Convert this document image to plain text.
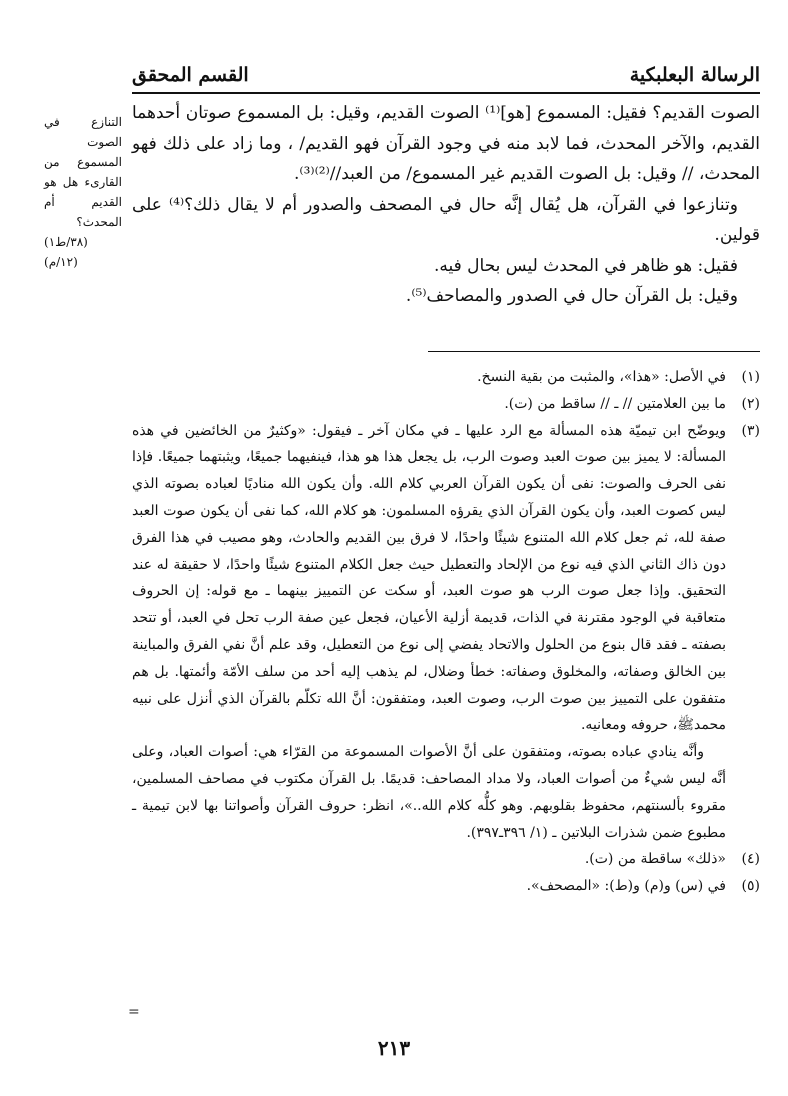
الرسالة البعلبكية
القسم المحقق

الصوت القديم؟ فقيل: المسموع [هو]⁽¹⁾ الصوت القديم، وقيل: بل المسموع صوتان أحدهما القديم، والآخر المحدث، فما لابد منه في وجود القرآن فهو القديم/ ، وما زاد على ذلك فهو المحدث، // وقيل: بل الصوت القديم غير المسموع/ من العبد//⁽²⁾⁽³⁾.

وتنازعوا في القرآن، هل يُقال إنَّه حال في المصحف والصدور أم لا يقال ذلك؟⁽⁴⁾ على قولين.

فقيل: هو ظاهر في المحدث ليس بحال فيه.

وقيل: بل القرآن حال في الصدور والمصاحف⁽⁵⁾.

التنازع في الصوت المسموع من القارىء هل هو القديم أم المحدث؟

(٣٨/ط١)

(١٢/م)

(١)
في الأصل: «هذا»، والمثبت من بقية النسخ.
(٢)
ما بين العلامتين // ـ // ساقط من (ت).
(٣)
ويوضّح ابن تيميّة هذه المسألة مع الرد عليها ـ في مكان آخر ـ فيقول: «وكثيرٌ من الخائضين في هذه المسألة: لا يميز بين صوت العبد وصوت الرب، بل يجعل هذا هو هذا، فينفيهما جميعًا، ويثبتهما جميعًا. فإذا نفى الحرف والصوت: نفى أن يكون القرآن العربي كلام الله. وأن يكون الله مناديًا لعباده بصوته الذي ليس كصوت العبد، وأن يكون القرآن الذي يقرؤه المسلمون: هو كلام الله، كما نفى أن يكون صوت العبد صفة لله، ثم جعل كلام الله المتنوع شيئًا واحدًا، لا فرق بين القديم والحادث، وهو مصيب في هذا الفرق دون ذاك الثاني الذي فيه نوع من الإلحاد والتعطيل حيث جعل الكلام المتنوع شيئًا واحدًا، لا حقيقة له عند التحقيق. وإذا جعل صوت الرب هو صوت العبد، أو سكت عن التمييز بينهما ـ مع قوله: إن الحروف متعاقبة في الوجود مقترنة في الذات، قديمة أزلية الأعيان، فجعل عين صفة الرب تحل في العبد، أو تتحد بصفته ـ فقد قال بنوع من الحلول والاتحاد يفضي إلى نوع من التعطيل، وقد علم أنَّ نفي الفرق والمباينة بين الخالق وصفاته، والمخلوق وصفاته: خطأ وضلال، لم يذهب إليه أحد من سلف الأمّة وأئمتها. بل هم متفقون على التمييز بين صوت الرب، وصوت العبد، ومتفقون: أنَّ الله تكلّم بالقرآن الذي أنزل على نبيه محمدﷺ، حروفه ومعانيه.
وأنَّه ينادي عباده بصوته، ومتفقون على أنَّ الأصوات المسموعة من القرّاء هي: أصوات العباد، وعلى أنَّه ليس شيءٌ من أصوات العباد، ولا مداد المصاحف: قديمًا. بل القرآن مكتوب في مصاحف المسلمين، مقروء بألسنتهم، محفوظ بقلوبهم. وهو كلُّه كلام الله..»، انظر: حروف القرآن وأصواتنا بها لابن تيمية ـ مطبوع ضمن شذرات البلاتين ـ (١/ ٣٩٦ـ٣٩٧).
(٤)
«ذلك» ساقطة من (ت).
(٥)
في (س) و(م) و(ط): «المصحف».
=
٢١٣
